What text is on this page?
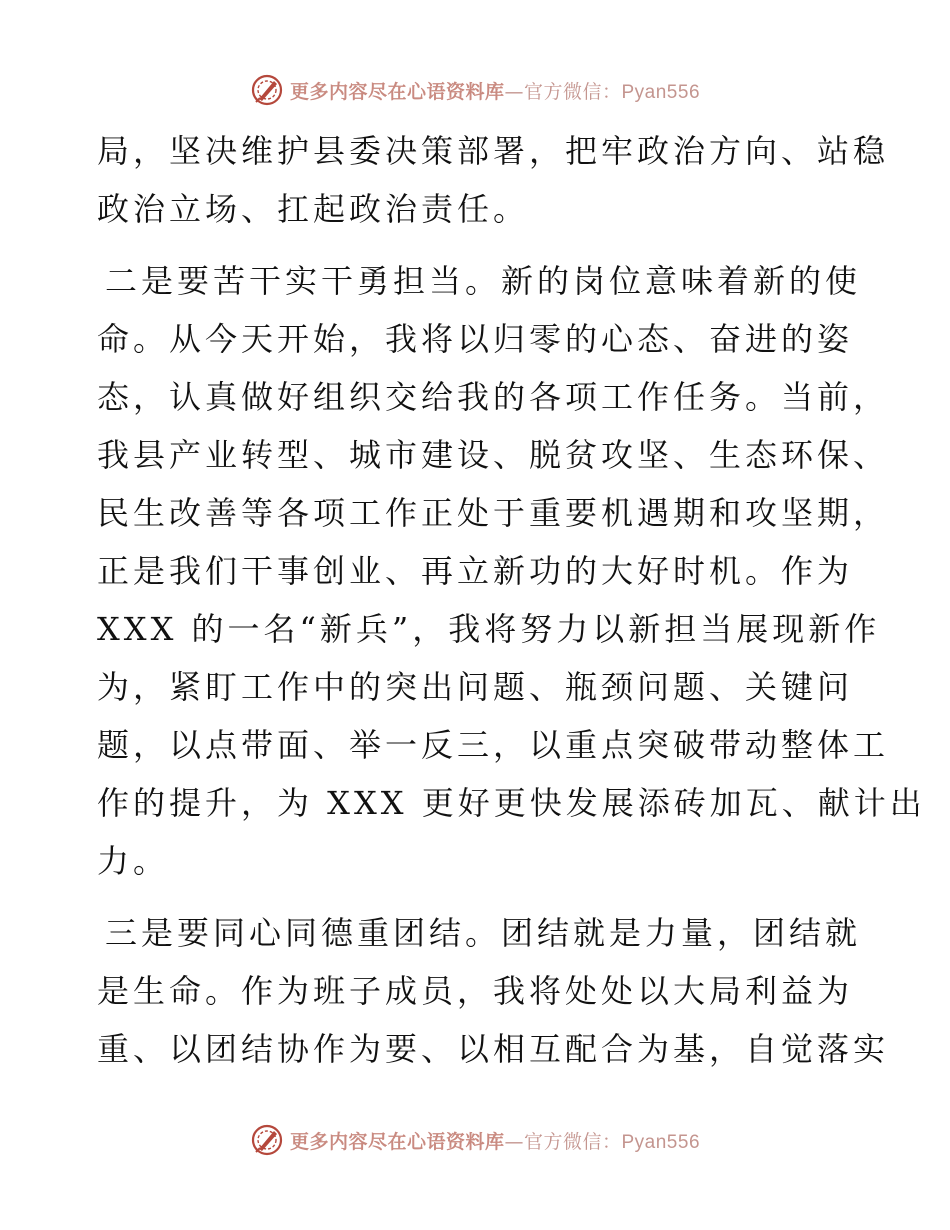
更多内容尽在心语资料库—官方微信：Pyan556

局，坚决维护县委决策部署，把牢政治方向、站稳
政治立场、扛起政治责任。

二是要苦干实干勇担当。新的岗位意味着新的使
命。从今天开始，我将以归零的心态、奋进的姿
态，认真做好组织交给我的各项工作任务。当前，
我县产业转型、城市建设、脱贫攻坚、生态环保、
民生改善等各项工作正处于重要机遇期和攻坚期，
正是我们干事创业、再立新功的大好时机。作为
XXX 的一名“新兵”，我将努力以新担当展现新作
为，紧盯工作中的突出问题、瓶颈问题、关键问
题，以点带面、举一反三，以重点突破带动整体工
作的提升，为 XXX 更好更快发展添砖加瓦、献计出
力。

三是要同心同德重团结。团结就是力量，团结就
是生命。作为班子成员，我将处处以大局利益为
重、以团结协作为要、以相互配合为基，自觉落实

更多内容尽在心语资料库—官方微信：Pyan556
